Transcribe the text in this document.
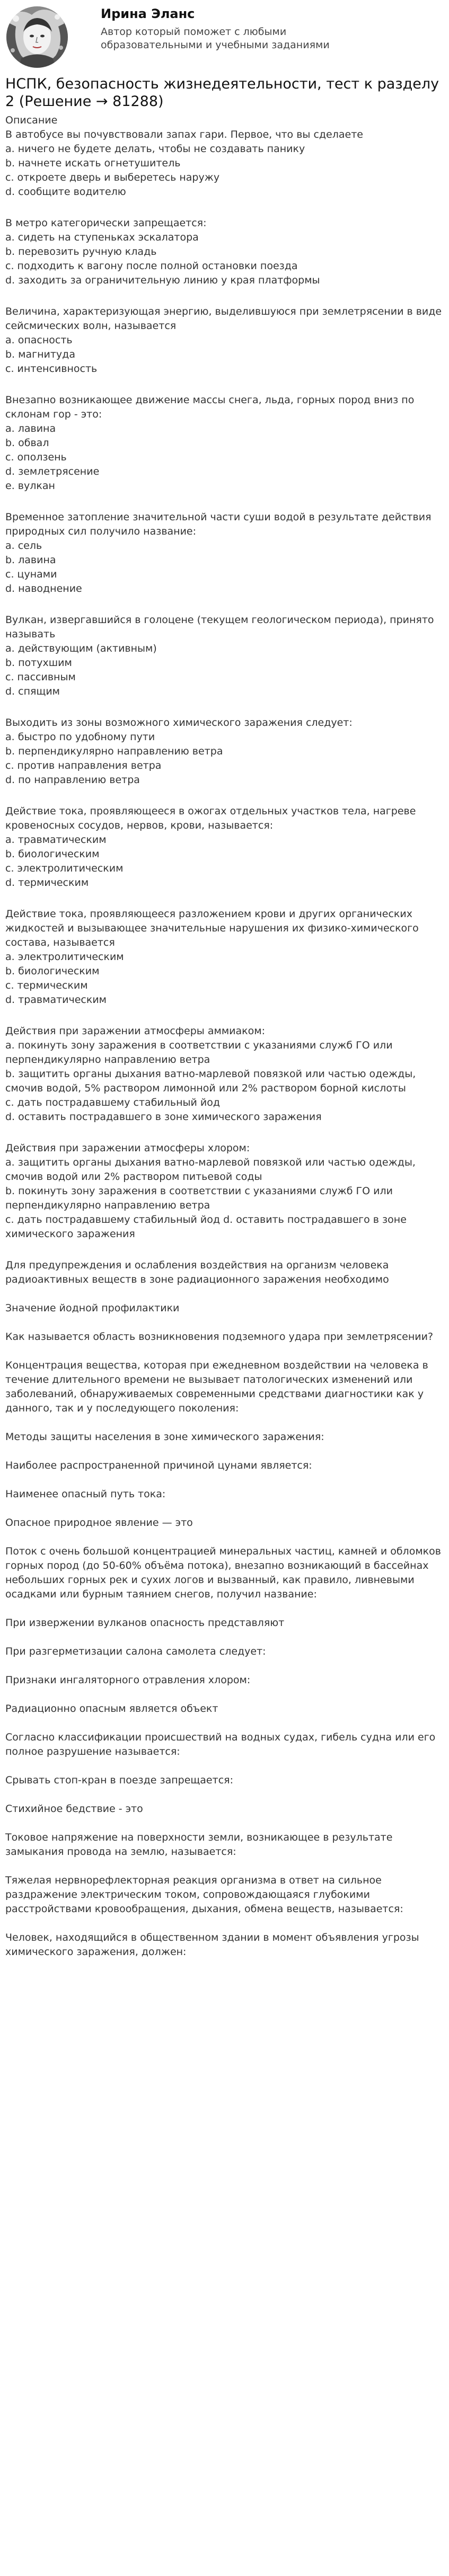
Ирина Эланс
Автор который поможет с любыми образовательными и учебными заданиями
НСПК, безопасность жизнедеятельности, тест к разделу 2 (Решение → 81288)
Описание
В автобусе вы почувствовали запах гари. Первое, что вы сделаете
a. ничего не будете делать, чтобы не создавать панику
b. начнете искать огнетушитель
c. откроете дверь и выберетесь наружу
d. сообщите водителю
В метро категорически запрещается:
a. сидеть на ступеньках эскалатора
b. перевозить ручную кладь
c. подходить к вагону после полной остановки поезда
d. заходить за ограничительную линию у края платформы
Величина, характеризующая энергию, выделившуюся при землетрясении в виде сейсмических волн, называется
a. опасность
b. магнитуда
c. интенсивность
Внезапно возникающее движение массы снега, льда, горных пород вниз по склонам гор - это:
a. лавина
b. обвал
c. оползень
d. землетрясение
e. вулкан
Временное затопление значительной части суши водой в результате действия природных сил получило название:
a. сель
b. лавина
c. цунами
d. наводнение
Вулкан, извергавшийся в голоцене (текущем геологическом периода), принято называть
a. действующим (активным)
b. потухшим
c. пассивным
d. спящим
Выходить из зоны возможного химического заражения следует:
a. быстро по удобному пути
b. перпендикулярно направлению ветра
c. против направления ветра
d. по направлению ветра
Действие тока, проявляющееся в ожогах отдельных участков тела, нагреве кровеносных сосудов, нервов, крови, называется:
a. травматическим
b. биологическим
c. электролитическим
d. термическим
Действие тока, проявляющееся разложением крови и других органических жидкостей и вызывающее значительные нарушения их физико-химического состава, называется
a. электролитическим
b. биологическим
c. термическим
d. травматическим
Действия при заражении атмосферы аммиаком:
a. покинуть зону заражения в соответствии с указаниями служб ГО или перпендикулярно направлению ветра
b. защитить органы дыхания ватно-марлевой повязкой или частью одежды, смочив водой, 5% раствором лимонной или 2% раствором борной кислоты
c. дать пострадавшему стабильный йод
d. оставить пострадавшего в зоне химического заражения
Действия при заражении атмосферы хлором:
a. защитить органы дыхания ватно-марлевой повязкой или частью одежды, смочив водой или 2% раствором питьевой соды
b. покинуть зону заражения в соответствии с указаниями служб ГО или перпендикулярно направлению ветра
c. дать пострадавшему стабильный йод d. оставить пострадавшего в зоне химического заражения
Для предупреждения и ослабления воздействия на организм человека радиоактивных веществ в зоне радиационного заражения необходимо
Значение йодной профилактики
Как называется область возникновения подземного удара при землетрясении?
Концентрация вещества, которая при ежедневном воздействии на человека в течение длительного времени не вызывает патологических изменений или заболеваний, обнаруживаемых современными средствами диагностики как у данного, так и у последующего поколения:
Методы защиты населения в зоне химического заражения:
Наиболее распространенной причиной цунами является:
Наименее опасный путь тока:
Опасное природное явление — это
Поток с очень большой концентрацией минеральных частиц, камней и обломков горных пород (до 50-60% объёма потока), внезапно возникающий в бассейнах небольших горных рек и сухих логов и вызванный, как правило, ливневыми осадками или бурным таянием снегов, получил название:
При извержении вулканов опасность представляют
При разгерметизации салона самолета следует:
Признаки ингаляторного отравления хлором:
Радиационно опасным является объект
Согласно классификации происшествий на водных судах, гибель судна или его полное разрушение называется:
Срывать стоп-кран в поезде запрещается:
Стихийное бедствие - это
Токовое напряжение на поверхности земли, возникающее в результате замыкания провода на землю, называется:
Тяжелая нервнорефлекторная реакция организма в ответ на сильное раздражение электрическим током, сопровождающаяся глубокими расстройствами кровообращения, дыхания, обмена веществ, называется:
Человек, находящийся в общественном здании в момент объявления угрозы химического заражения, должен:
